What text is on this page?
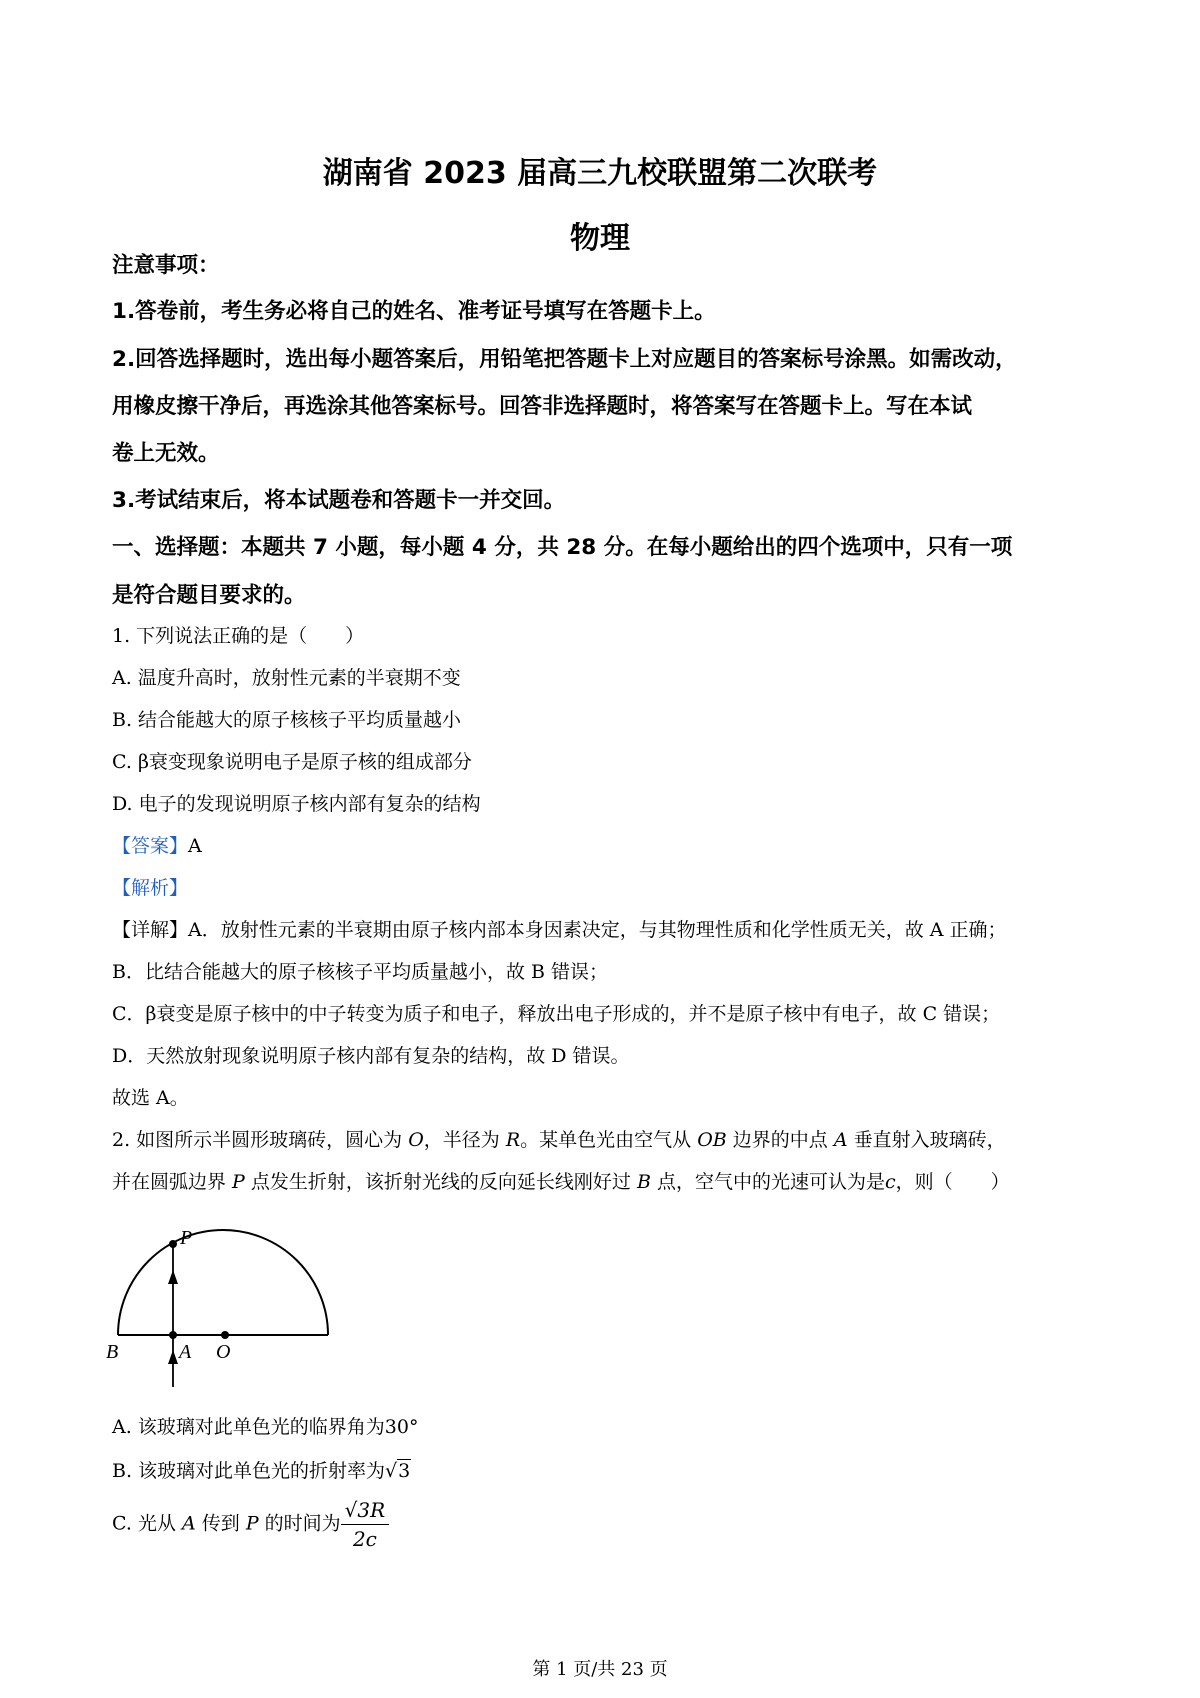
湖南省 2023 届高三九校联盟第二次联考
物理
注意事项：
1.答卷前，考生务必将自己的姓名、准考证号填写在答题卡上。
2.回答选择题时，选出每小题答案后，用铅笔把答题卡上对应题目的答案标号涂黑。如需改动，
用橡皮擦干净后，再选涂其他答案标号。回答非选择题时，将答案写在答题卡上。写在本试
卷上无效。
3.考试结束后，将本试题卷和答题卡一并交回。
一、选择题：本题共 7 小题，每小题 4 分，共 28 分。在每小题给出的四个选项中，只有一项
是符合题目要求的。
1. 下列说法正确的是（　　）
A. 温度升高时，放射性元素的半衰期不变
B. 结合能越大的原子核核子平均质量越小
C. β衰变现象说明电子是原子核的组成部分
D. 电子的发现说明原子核内部有复杂的结构
【答案】A
【解析】
【详解】A．放射性元素的半衰期由原子核内部本身因素决定，与其物理性质和化学性质无关，故 A 正确；
B．比结合能越大的原子核核子平均质量越小，故 B 错误；
C．β衰变是原子核中的中子转变为质子和电子，释放出电子形成的，并不是原子核中有电子，故 C 错误；
D．天然放射现象说明原子核内部有复杂的结构，故 D 错误。
故选 A。
2. 如图所示半圆形玻璃砖，圆心为 O，半径为 R。某单色光由空气从 OB 边界的中点 A 垂直射入玻璃砖，
并在圆弧边界 P 点发生折射，该折射光线的反向延长线刚好过 B 点，空气中的光速可认为是c，则（　　）
P
B	A O
A. 该玻璃对此单色光的临界角为30°
B. 该玻璃对此单色光的折射率为√3
C. 光从 A 传到 P 的时间为 $\frac{√3R}{2c}$
第 1 页/共 23 页
